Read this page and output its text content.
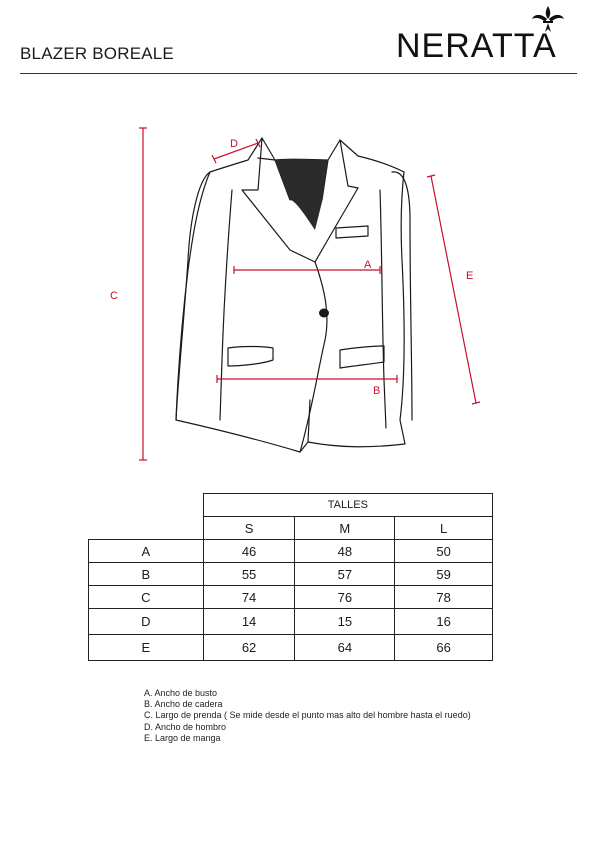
BLAZER BOREALE	NERATTA
C
D
A
B
E
	TALLES		
	S	M	L
A	46	48	50
B	55	57	59
C	74	76	78
D	14	15	16
E	62	64	66
A. Ancho de busto
B. Ancho de cadera
C. Largo de prenda ( Se mide desde el punto mas alto del hombre hasta el ruedo)
D. Ancho de hombro
E. Largo de manga
